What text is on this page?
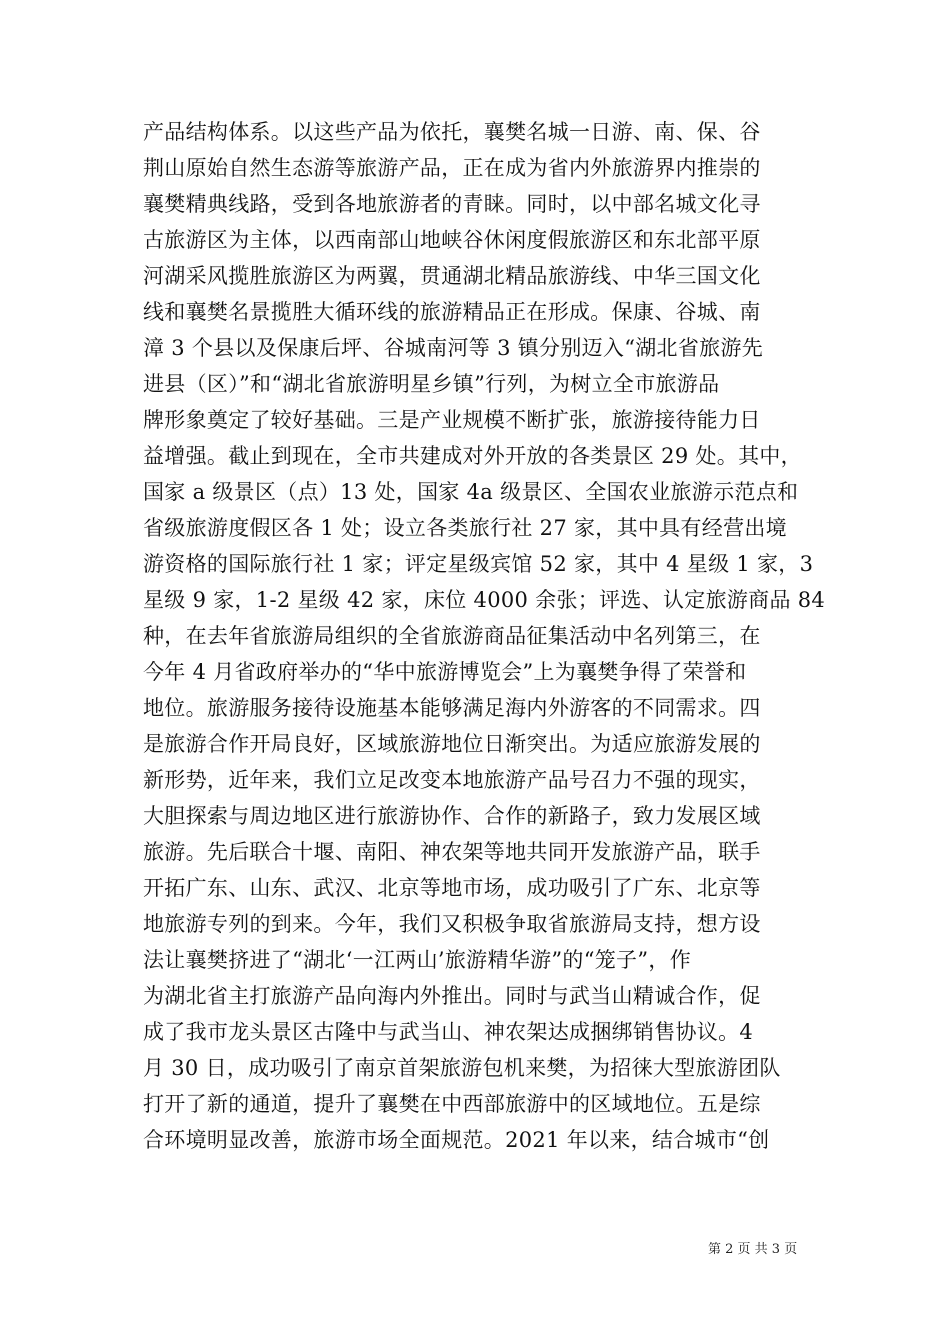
产品结构体系。以这些产品为依托，襄樊名城一日游、南、保、谷
荆山原始自然生态游等旅游产品，正在成为省内外旅游界内推崇的
襄樊精典线路，受到各地旅游者的青睐。同时，以中部名城文化寻
古旅游区为主体，以西南部山地峡谷休闲度假旅游区和东北部平原
河湖采风揽胜旅游区为两翼，贯通湖北精品旅游线、中华三国文化
线和襄樊名景揽胜大循环线的旅游精品正在形成。保康、谷城、南
漳 3 个县以及保康后坪、谷城南河等 3 镇分别迈入“湖北省旅游先
进县（区）”和“湖北省旅游明星乡镇”行列，为树立全市旅游品
牌形象奠定了较好基础。三是产业规模不断扩张，旅游接待能力日
益增强。截止到现在，全市共建成对外开放的各类景区 29 处。其中，
国家 a 级景区（点）13 处，国家 4a 级景区、全国农业旅游示范点和
省级旅游度假区各 1 处；设立各类旅行社 27 家，其中具有经营出境
游资格的国际旅行社 1 家；评定星级宾馆 52 家，其中 4 星级 1 家，3
星级 9 家，1-2 星级 42 家，床位 4000 余张；评选、认定旅游商品 84
种，在去年省旅游局组织的全省旅游商品征集活动中名列第三，在
今年 4 月省政府举办的“华中旅游博览会”上为襄樊争得了荣誉和
地位。旅游服务接待设施基本能够满足海内外游客的不同需求。四
是旅游合作开局良好，区域旅游地位日渐突出。为适应旅游发展的
新形势，近年来，我们立足改变本地旅游产品号召力不强的现实，
大胆探索与周边地区进行旅游协作、合作的新路子，致力发展区域
旅游。先后联合十堰、南阳、神农架等地共同开发旅游产品，联手
开拓广东、山东、武汉、北京等地市场，成功吸引了广东、北京等
地旅游专列的到来。今年，我们又积极争取省旅游局支持，想方设
法让襄樊挤进了“湖北‘一江两山’旅游精华游”的“笼子”，作
为湖北省主打旅游产品向海内外推出。同时与武当山精诚合作，促
成了我市龙头景区古隆中与武当山、神农架达成捆绑销售协议。4
月 30 日，成功吸引了南京首架旅游包机来樊，为招徕大型旅游团队
打开了新的通道，提升了襄樊在中西部旅游中的区域地位。五是综
合环境明显改善，旅游市场全面规范。2021 年以来，结合城市“创
第 2 页 共 3 页
